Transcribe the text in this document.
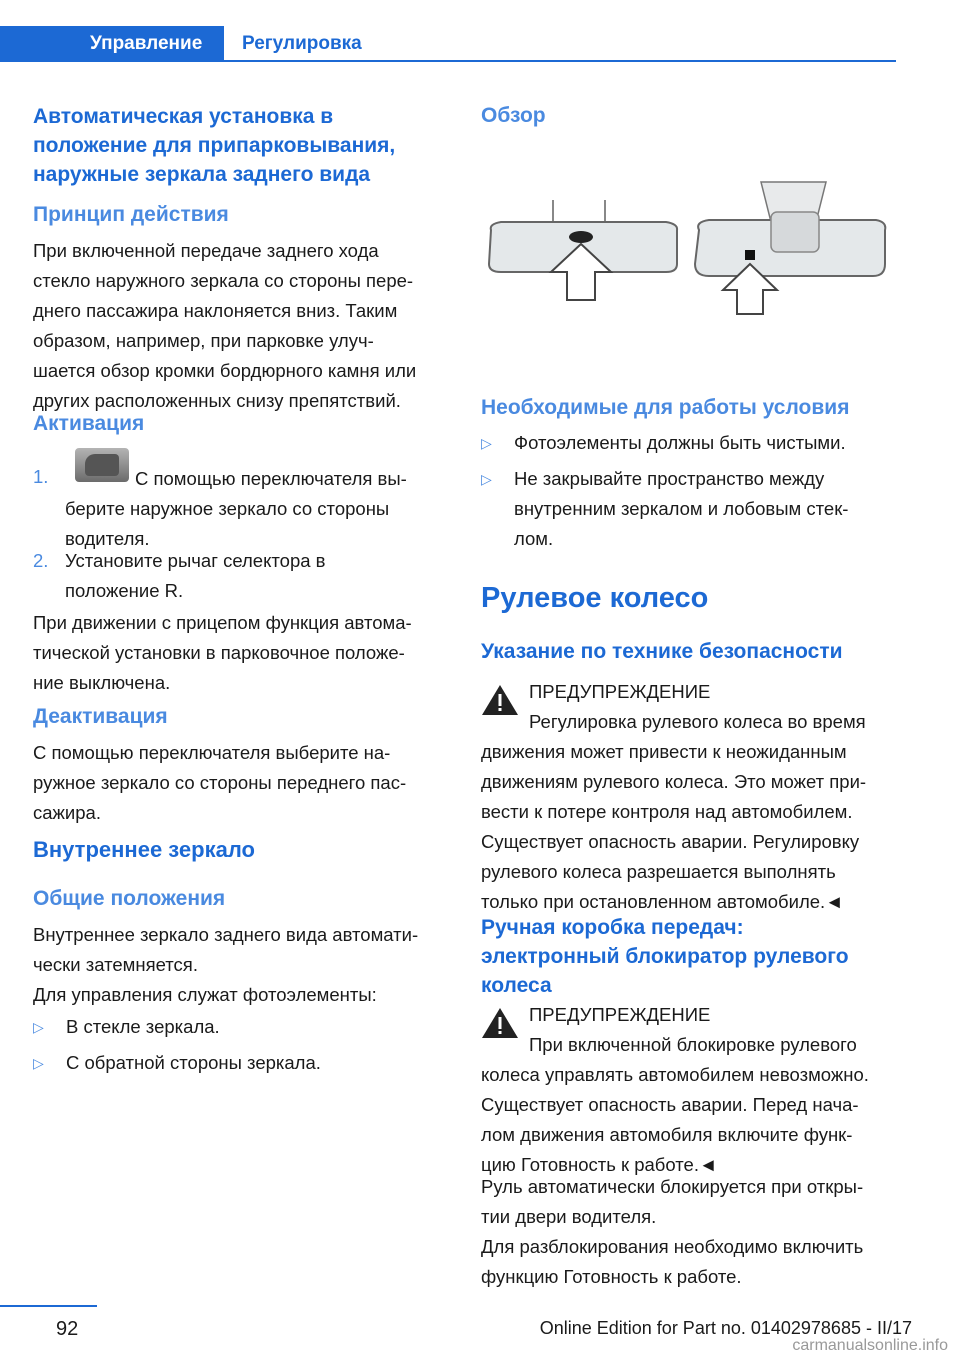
Управление	Регулировка
Автоматическая установка в
положение для припарковывания,
наружные зеркала заднего вида
Принцип действия

При включенной передаче заднего хода

стекло наружного зеркала со стороны пере-

днего пассажира наклоняется вниз. Таким

образом, например, при парковке улуч-

шается обзор кромки бордюрного камня или

других расположенных снизу препятствий.

Активация
1.	С помощью переключателя вы-

берите наружное зеркало со стороны

водителя.

2. Установите рычаг селектора в

положение R.

При движении с прицепом функция автома-

тической установки в парковочное положе-

ние выключена.

Деактивация

С помощью переключателя выберите на-

ружное зеркало со стороны переднего пас-

сажира.

Внутреннее зеркало
Общие положения

Внутреннее зеркало заднего вида автомати-

чески затемняется.

Для управления служат фотоэлементы:

▷ В стекле зеркала.
▷ С обратной стороны зеркала.
Обзор
Необходимые для работы условия
▷ Фотоэлементы должны быть чистыми.
▷ Не закрывайте пространство между
внутренним зеркалом и лобовым стек-
лом.
Рулевое колесо
Указание по технике безопасности

ПРЕДУПРЕЖДЕНИЕ

Регулировка рулевого колеса во время

движения может привести к неожиданным

движениям рулевого колеса. Это может при-

вести к потере контроля над автомобилем.

Существует опасность аварии. Регулировку

рулевого колеса разрешается выполнять

только при остановленном автомобиле.◄

Ручная коробка передач:
электронный блокиратор рулевого
колеса

ПРЕДУПРЕЖДЕНИЕ

При включенной блокировке рулевого

колеса управлять автомобилем невозможно.

Существует опасность аварии. Перед нача-

лом движения автомобиля включите функ-

цию Готовность к работе.◄

Руль автоматически блокируется при откры-

тии двери водителя.

Для разблокирования необходимо включить

функцию Готовность к работе.

92	Online Edition for Part no. 01402978685 - II/17
carmanualsonline.info
